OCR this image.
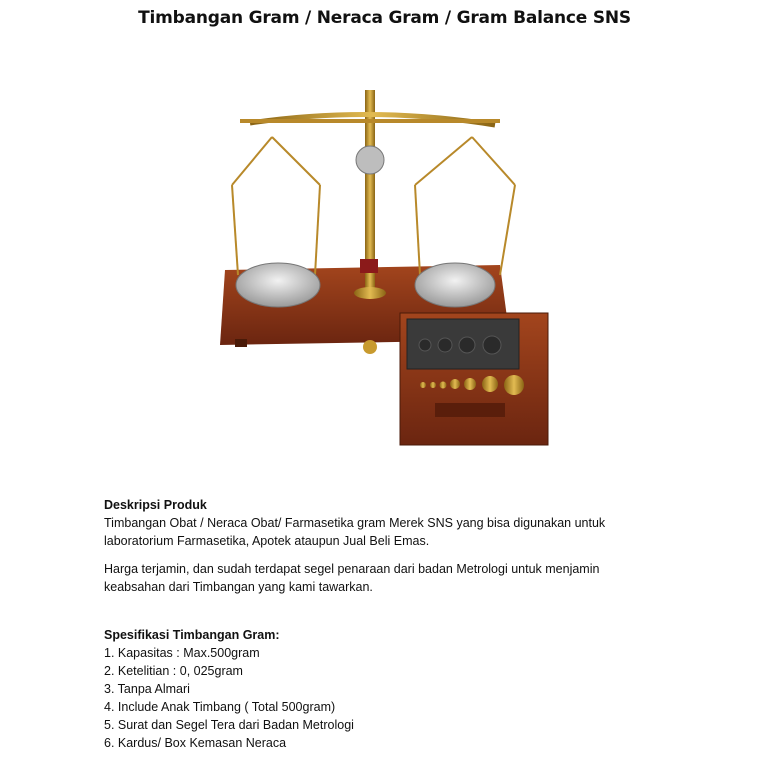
Timbangan Gram / Neraca Gram / Gram Balance SNS

Deskripsi Produk

Timbangan Obat / Neraca Obat/ Farmasetika gram Merek SNS yang bisa digunakan untuk

laboratorium Farmasetika, Apotek ataupun Jual Beli Emas.

Harga terjamin, dan sudah terdapat segel penaraan dari badan Metrologi untuk menjamin

keabsahan dari Timbangan yang kami tawarkan.

Spesifikasi Timbangan Gram:

1. Kapasitas : Max.500gram
2. Ketelitian : 0, 025gram
3. Tanpa Almari
4. Include Anak Timbang ( Total 500gram)
5. Surat dan Segel Tera dari Badan Metrologi
6. Kardus/ Box Kemasan Neraca
